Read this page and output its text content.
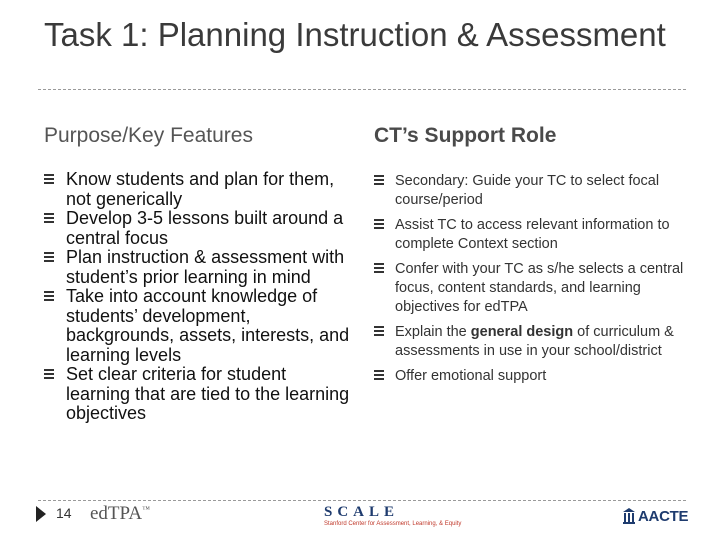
Task 1: Planning Instruction & Assessment
Purpose/Key Features	CT’s Support Role
Know students and plan for them, not generically
Develop 3-5 lessons built around a central focus
Plan instruction & assessment with student’s prior learning in mind
Take into account knowledge of students’ development, backgrounds, assets, interests, and learning levels
Set clear criteria for student learning that are tied to the learning objectives
Secondary: Guide your TC to select focal course/period
Assist TC to access relevant information to complete Context section
Confer with your TC as s/he selects a central focus, content standards, and learning objectives for edTPA
Explain the general design of curriculum & assessments in use in your school/district
Offer emotional support
14 edTPA™	SCALE
Stanford Center for Assessment, Learning, & Equity	AACTE
